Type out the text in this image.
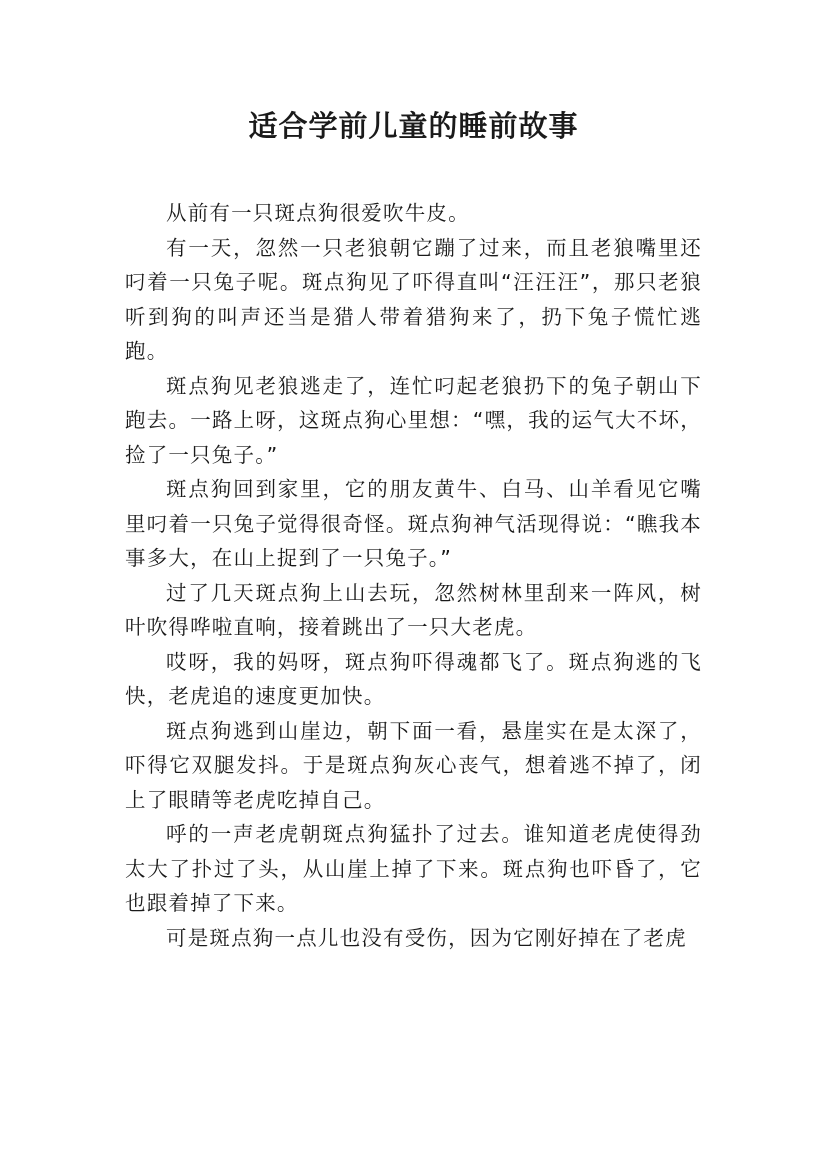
适合学前儿童的睡前故事

从前有一只斑点狗很爱吹牛皮。

有一天，忽然一只老狼朝它蹦了过来，而且老狼嘴里还叼着一只兔子呢。斑点狗见了吓得直叫“汪汪汪”，那只老狼听到狗的叫声还当是猎人带着猎狗来了，扔下兔子慌忙逃跑。

斑点狗见老狼逃走了，连忙叼起老狼扔下的兔子朝山下跑去。一路上呀，这斑点狗心里想：“嘿，我的运气大不坏，捡了一只兔子。”

斑点狗回到家里，它的朋友黄牛、白马、山羊看见它嘴里叼着一只兔子觉得很奇怪。斑点狗神气活现得说：“瞧我本事多大，在山上捉到了一只兔子。”

过了几天斑点狗上山去玩，忽然树林里刮来一阵风，树叶吹得哗啦直响，接着跳出了一只大老虎。

哎呀，我的妈呀，斑点狗吓得魂都飞了。斑点狗逃的飞快，老虎追的速度更加快。

斑点狗逃到山崖边，朝下面一看，悬崖实在是太深了，吓得它双腿发抖。于是斑点狗灰心丧气，想着逃不掉了，闭上了眼睛等老虎吃掉自己。

呼的一声老虎朝斑点狗猛扑了过去。谁知道老虎使得劲太大了扑过了头，从山崖上掉了下来。斑点狗也吓昏了，它也跟着掉了下来。

可是斑点狗一点儿也没有受伤，因为它刚好掉在了老虎
